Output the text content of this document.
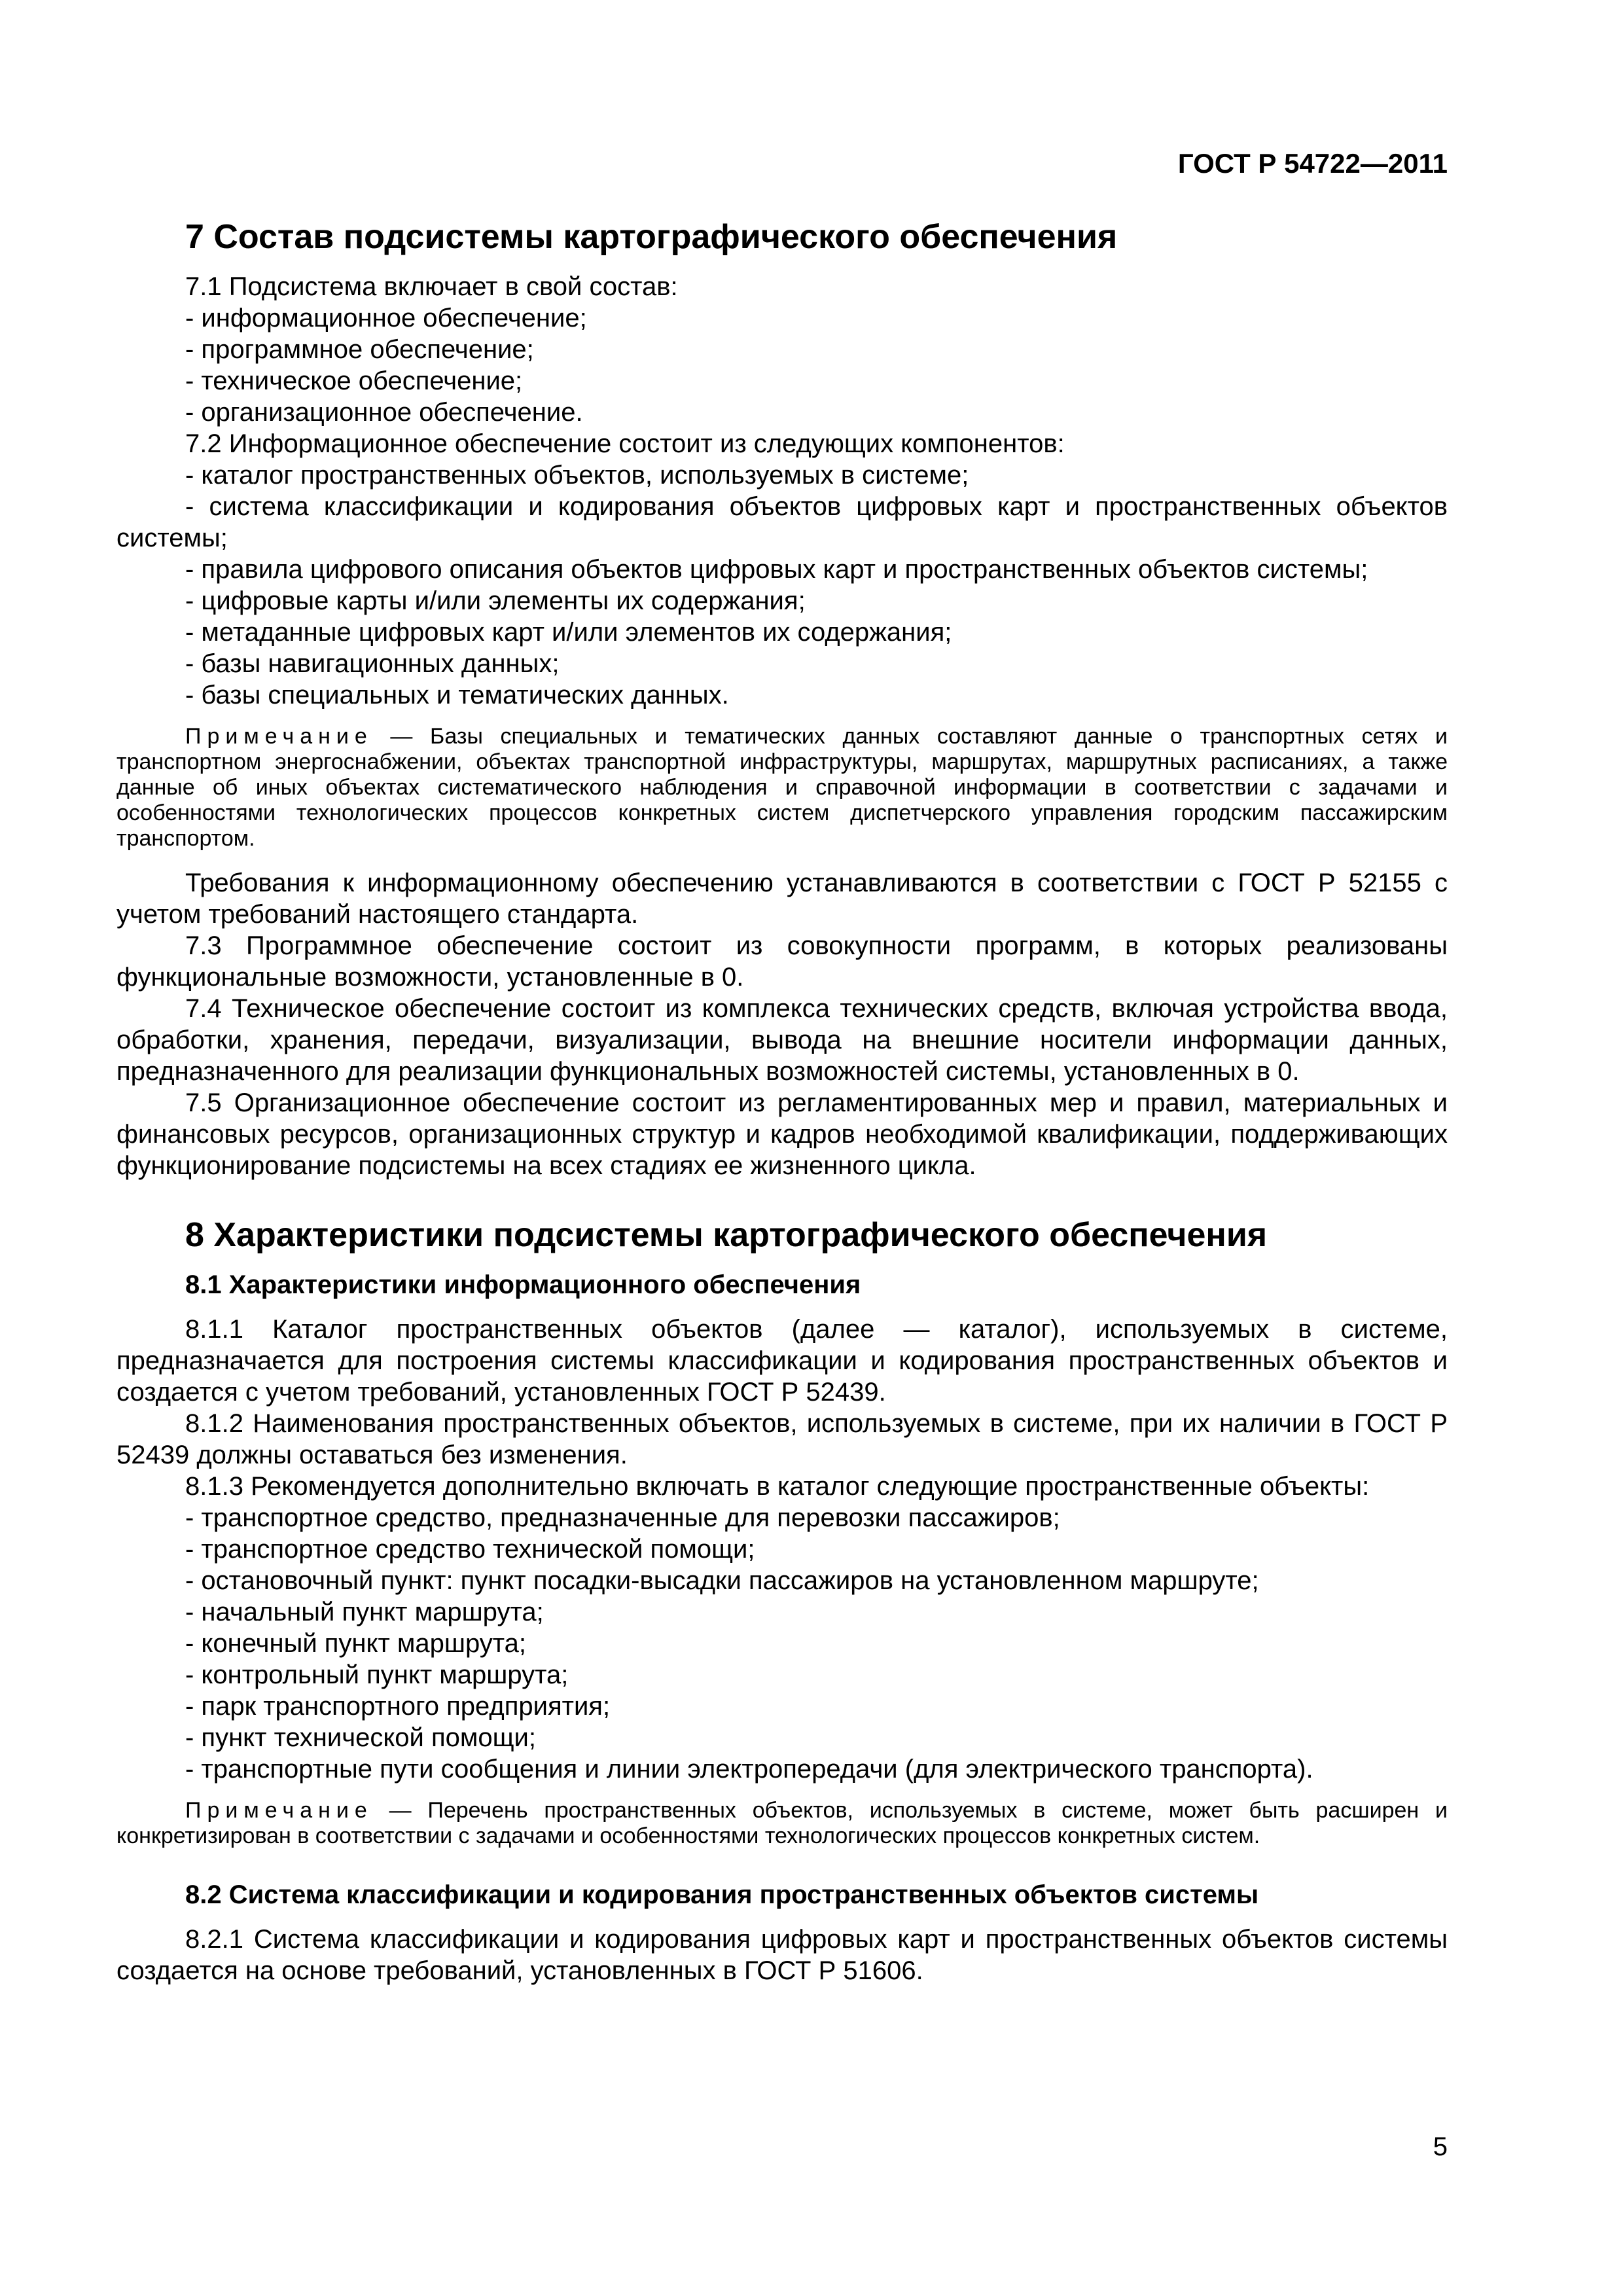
ГОСТ Р 54722—2011
7 Состав подсистемы картографического обеспечения

7.1 Подсистема включает в свой состав:

- информационное обеспечение;

- программное обеспечение;

- техническое обеспечение;

- организационное обеспечение.

7.2 Информационное обеспечение состоит из следующих компонентов:

- каталог пространственных объектов, используемых в системе;

- система классификации и кодирования объектов цифровых карт и пространственных объектов системы;

- правила цифрового описания объектов цифровых карт и пространственных объектов системы;

- цифровые карты и/или элементы их содержания;

- метаданные цифровых карт и/или элементов их содержания;

- базы навигационных данных;

- базы специальных и тематических данных.

Примечание — Базы специальных и тематических данных составляют данные о транспортных сетях и транспортном энергоснабжении, объектах транспортной инфраструктуры, маршрутах, маршрутных расписаниях, а также данные об иных объектах систематического наблюдения и справочной информации в соответствии с задачами и особенностями технологических процессов конкретных систем диспетчерского управления городским пассажирским транспортом.

Требования к информационному обеспечению устанавливаются в соответствии с ГОСТ Р 52155 с учетом требований настоящего стандарта.

7.3 Программное обеспечение состоит из совокупности программ, в которых реализованы функциональные возможности, установленные в 0.

7.4 Техническое обеспечение состоит из комплекса технических средств, включая устройства ввода, обработки, хранения, передачи, визуализации, вывода на внешние носители информации данных, предназначенного для реализации функциональных возможностей системы, установленных в 0.

7.5 Организационное обеспечение состоит из регламентированных мер и правил, материальных и финансовых ресурсов, организационных структур и кадров необходимой квалификации, поддерживающих функционирование подсистемы на всех стадиях ее жизненного цикла.

8 Характеристики подсистемы картографического обеспечения
8.1 Характеристики информационного обеспечения

8.1.1 Каталог пространственных объектов (далее — каталог), используемых в системе, предназначается для построения системы классификации и кодирования пространственных объектов и создается с учетом требований, установленных ГОСТ Р 52439.

8.1.2 Наименования пространственных объектов, используемых в системе, при их наличии в ГОСТ Р 52439 должны оставаться без изменения.

8.1.3 Рекомендуется дополнительно включать в каталог следующие пространственные объекты:

- транспортное средство, предназначенные для перевозки пассажиров;

- транспортное средство технической помощи;

- остановочный пункт: пункт посадки-высадки пассажиров на установленном маршруте;

- начальный пункт маршрута;

- конечный пункт маршрута;

- контрольный пункт маршрута;

- парк транспортного предприятия;

- пункт технической помощи;

- транспортные пути сообщения и линии электропередачи (для электрического транспорта).

Примечание — Перечень пространственных объектов, используемых в системе, может быть расширен и конкретизирован в соответствии с задачами и особенностями технологических процессов конкретных систем.

8.2 Система классификации и кодирования пространственных объектов системы

8.2.1 Система классификации и кодирования цифровых карт и пространственных объектов системы создается на основе требований, установленных в ГОСТ Р 51606.

5
